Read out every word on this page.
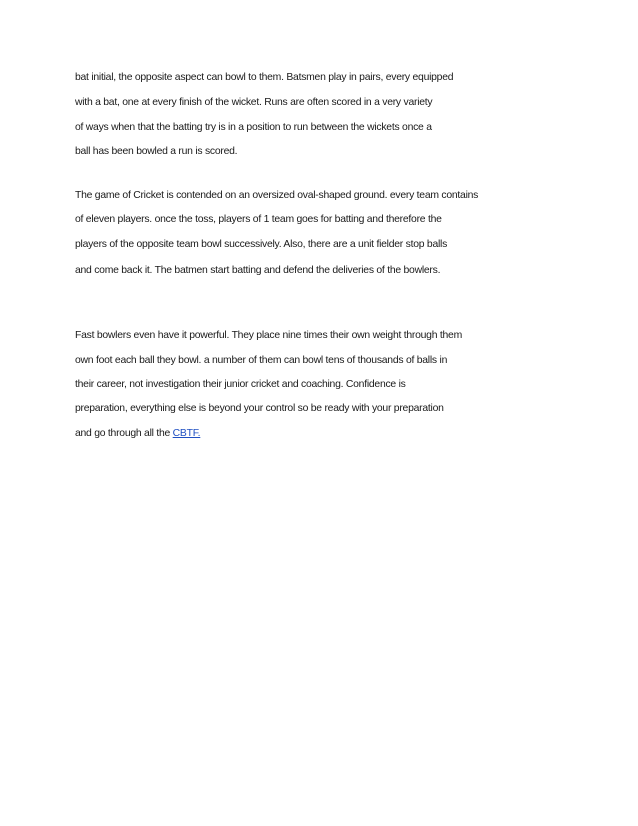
bat initial, the opposite aspect can bowl to them. Batsmen play in pairs, every equipped

with a bat, one at every finish of the wicket. Runs are often scored in a very variety

of ways when that the batting try is in a position to run between the wickets once a

ball has been bowled a run is scored.

The game of Cricket is contended on an oversized oval-shaped ground. every team contains

of eleven players. once the toss, players of 1 team goes for batting and therefore the

players of the opposite team bowl successively. Also, there are a unit fielder stop balls

and come back it. The batmen start batting and defend the deliveries of the bowlers.

Fast bowlers even have it powerful. They place nine times their own weight through them

own foot each ball they bowl. a number of them can bowl tens of thousands of balls in

their career, not investigation their junior cricket and coaching. Confidence is

preparation, everything else is beyond your control so be ready with your preparation

and go through all the CBTF.
